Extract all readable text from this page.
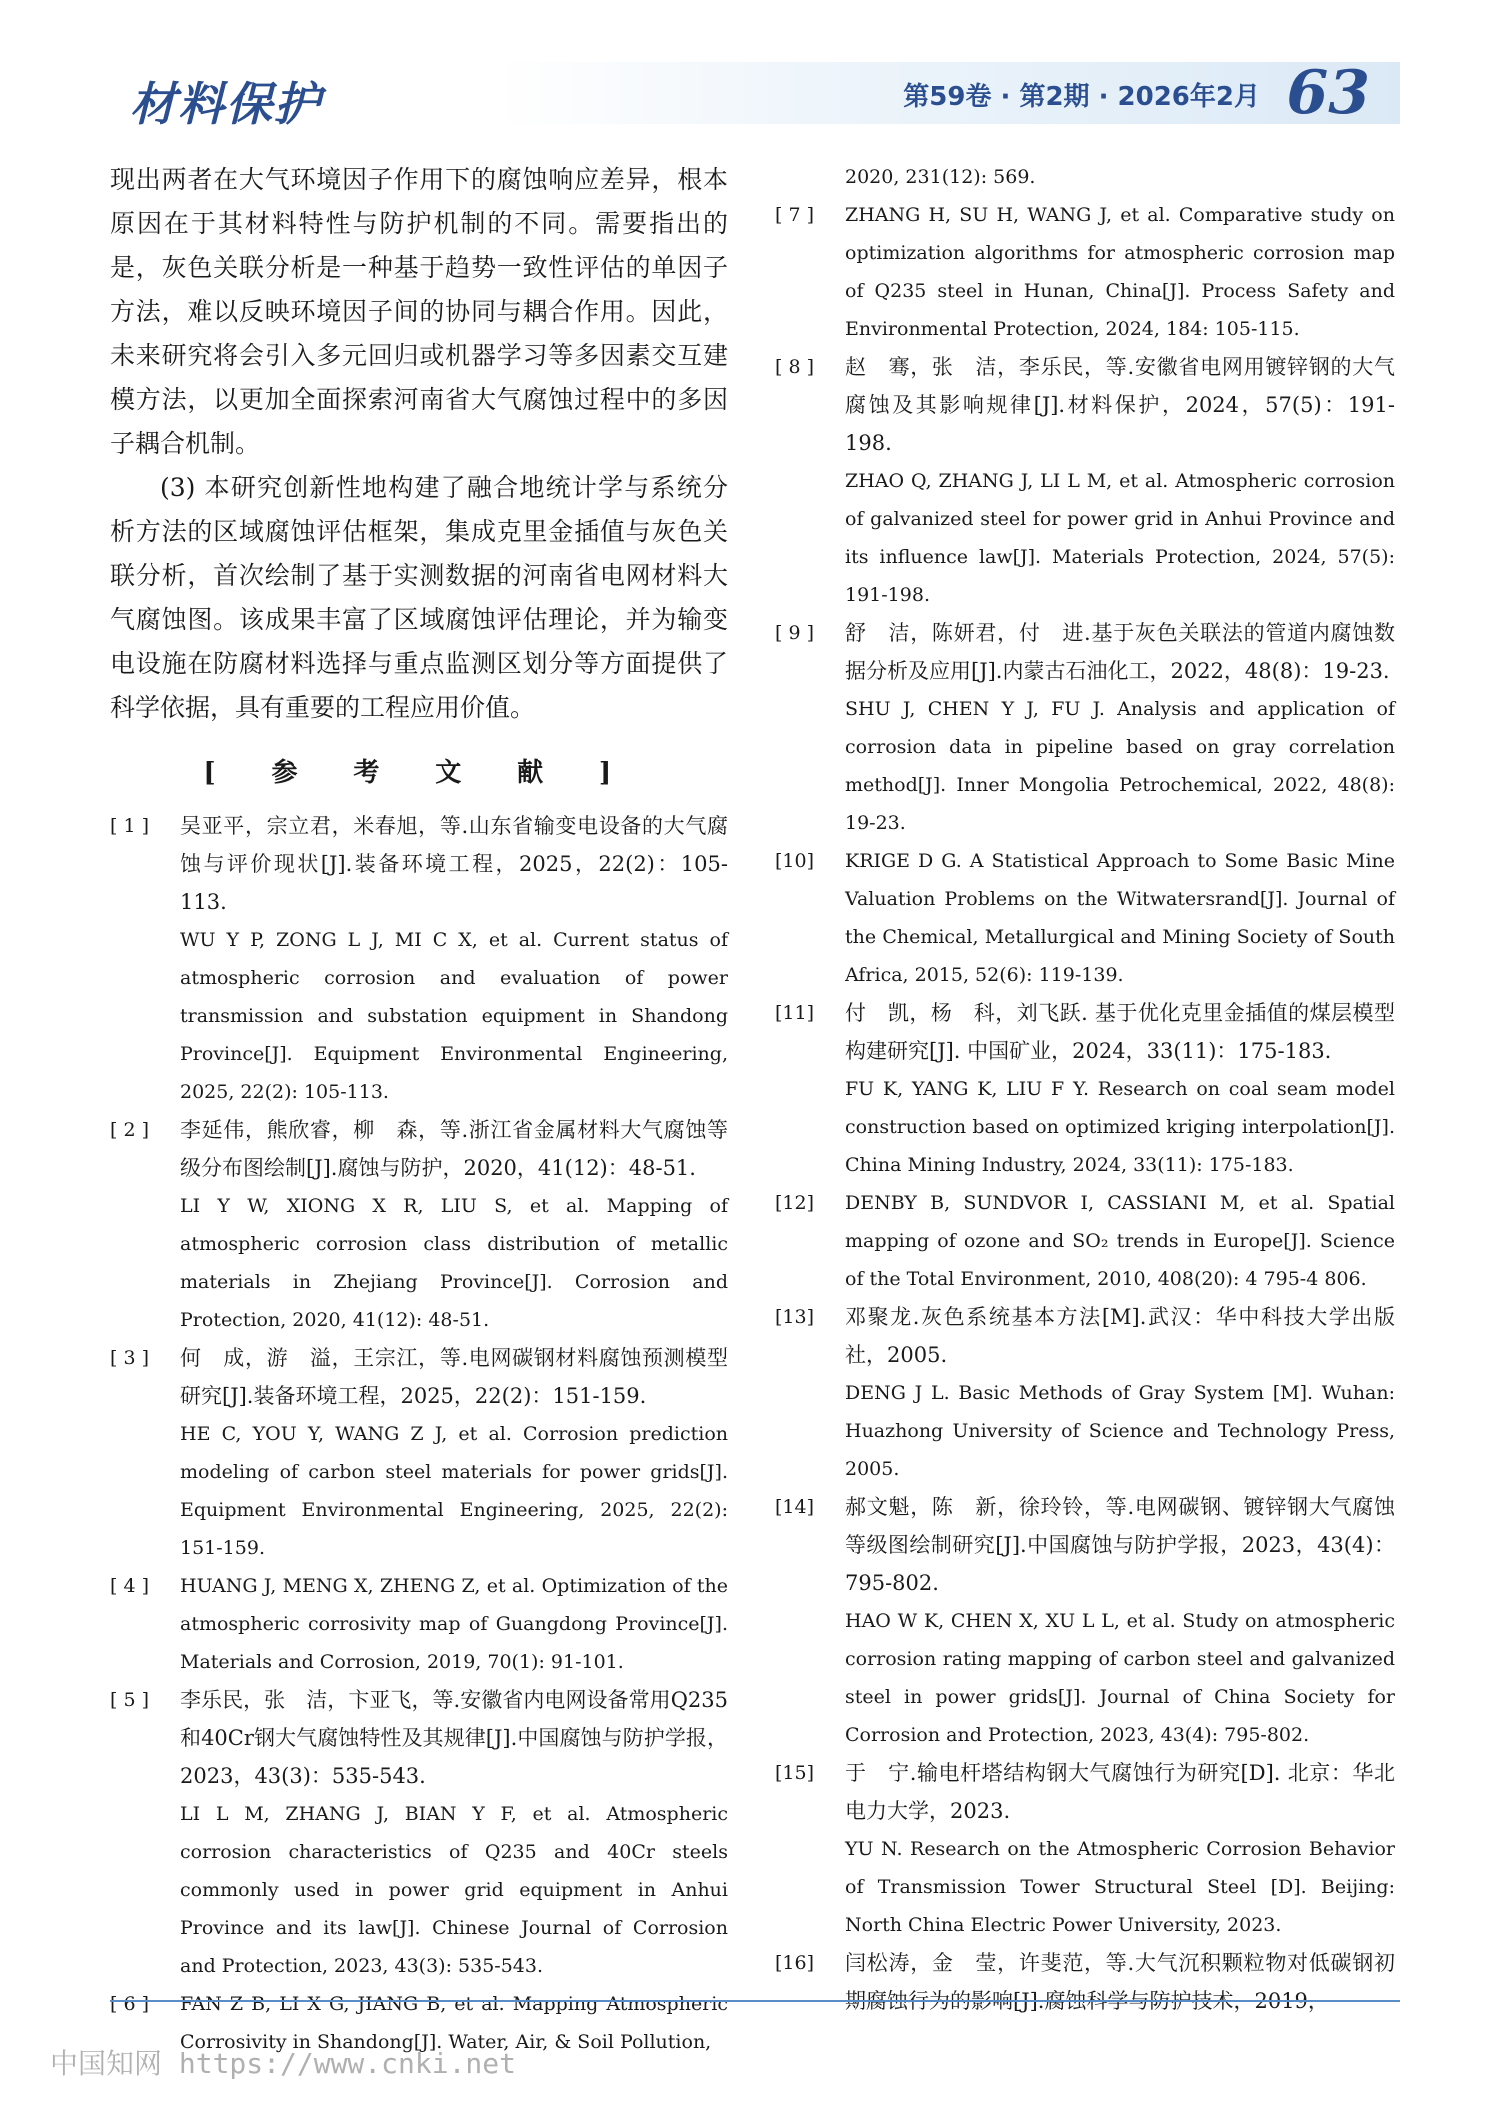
材料保护	第59卷 · 第2期 · 2026年2月 63

现出两者在大气环境因子作用下的腐蚀响应差异，根本原因在于其材料特性与防护机制的不同。需要指出的是，灰色关联分析是一种基于趋势一致性评估的单因子方法，难以反映环境因子间的协同与耦合作用。因此，未来研究将会引入多元回归或机器学习等多因素交互建模方法，以更加全面探索河南省大气腐蚀过程中的多因子耦合机制。

(3) 本研究创新性地构建了融合地统计学与系统分析方法的区域腐蚀评估框架，集成克里金插值与灰色关联分析，首次绘制了基于实测数据的河南省电网材料大气腐蚀图。该成果丰富了区域腐蚀评估理论，并为输变电设施在防腐材料选择与重点监测区划分等方面提供了科学依据，具有重要的工程应用价值。

[ 参 考 文 献 ]
[ 1 ]	吴亚平，宗立君，米春旭，等.山东省输变电设备的大气腐蚀与评价现状[J].装备环境工程，2025，22(2)：105-113.
WU Y P, ZONG L J, MI C X, et al. Current status of atmospheric corrosion and evaluation of power transmission and substation equipment in Shandong Province[J]. Equipment Environmental Engineering, 2025, 22(2): 105-113.
[ 2 ]	李延伟，熊欣睿，柳　森，等.浙江省金属材料大气腐蚀等级分布图绘制[J].腐蚀与防护，2020，41(12)：48-51.
LI Y W, XIONG X R, LIU S, et al. Mapping of atmospheric corrosion class distribution of metallic materials in Zhejiang Province[J]. Corrosion and Protection, 2020, 41(12): 48-51.
[ 3 ]	何　成，游　溢，王宗江，等.电网碳钢材料腐蚀预测模型研究[J].装备环境工程，2025，22(2)：151-159.
HE C, YOU Y, WANG Z J, et al. Corrosion prediction modeling of carbon steel materials for power grids[J]. Equipment Environmental Engineering, 2025, 22(2): 151-159.
[ 4 ]	HUANG J, MENG X, ZHENG Z, et al. Optimization of the atmospheric corrosivity map of Guangdong Province[J]. Materials and Corrosion, 2019, 70(1): 91-101.
[ 5 ]	李乐民，张　洁，卞亚飞，等.安徽省内电网设备常用Q235和40Cr钢大气腐蚀特性及其规律[J].中国腐蚀与防护学报，2023，43(3)：535-543.
LI L M, ZHANG J, BIAN Y F, et al. Atmospheric corrosion characteristics of Q235 and 40Cr steels commonly used in power grid equipment in Anhui Province and its law[J]. Chinese Journal of Corrosion and Protection, 2023, 43(3): 535-543.
[ 6 ]	FAN Z B, LI X G, JIANG B, et al. Mapping Atmospheric Corrosivity in Shandong[J]. Water, Air, & Soil Pollution,
2020, 231(12): 569.
[ 7 ]	ZHANG H, SU H, WANG J, et al. Comparative study on optimization algorithms for atmospheric corrosion map of Q235 steel in Hunan, China[J]. Process Safety and Environmental Protection, 2024, 184: 105-115.
[ 8 ]	赵　骞，张　洁，李乐民，等.安徽省电网用镀锌钢的大气腐蚀及其影响规律[J].材料保护，2024，57(5)：191-198.
ZHAO Q, ZHANG J, LI L M, et al. Atmospheric corrosion of galvanized steel for power grid in Anhui Province and its influence law[J]. Materials Protection, 2024, 57(5): 191-198.
[ 9 ]	舒　洁，陈妍君，付　进.基于灰色关联法的管道内腐蚀数据分析及应用[J].内蒙古石油化工，2022，48(8)：19-23.
SHU J, CHEN Y J, FU J. Analysis and application of corrosion data in pipeline based on gray correlation method[J]. Inner Mongolia Petrochemical, 2022, 48(8): 19-23.
[10]	KRIGE D G. A Statistical Approach to Some Basic Mine Valuation Problems on the Witwatersrand[J]. Journal of the Chemical, Metallurgical and Mining Society of South Africa, 2015, 52(6): 119-139.
[11]	付　凯，杨　科，刘飞跃. 基于优化克里金插值的煤层模型构建研究[J]. 中国矿业，2024，33(11)：175-183.
FU K, YANG K, LIU F Y. Research on coal seam model construction based on optimized kriging interpolation[J]. China Mining Industry, 2024, 33(11): 175-183.
[12]	DENBY B, SUNDVOR I, CASSIANI M, et al. Spatial mapping of ozone and SO₂ trends in Europe[J]. Science of the Total Environment, 2010, 408(20): 4 795-4 806.
[13]	邓聚龙.灰色系统基本方法[M].武汉：华中科技大学出版社，2005.
DENG J L. Basic Methods of Gray System [M]. Wuhan: Huazhong University of Science and Technology Press, 2005.
[14]	郝文魁，陈　新，徐玲铃，等.电网碳钢、镀锌钢大气腐蚀等级图绘制研究[J].中国腐蚀与防护学报，2023，43(4)：795-802.
HAO W K, CHEN X, XU L L, et al. Study on atmospheric corrosion rating mapping of carbon steel and galvanized steel in power grids[J]. Journal of China Society for Corrosion and Protection, 2023, 43(4): 795-802.
[15]	于　宁.输电杆塔结构钢大气腐蚀行为研究[D]. 北京：华北电力大学，2023.
YU N. Research on the Atmospheric Corrosion Behavior of Transmission Tower Structural Steel [D]. Beijing: North China Electric Power University, 2023.
[16]	闫松涛，金　莹，许斐范，等.大气沉积颗粒物对低碳钢初期腐蚀行为的影响[J].腐蚀科学与防护技术，2019，
中国知网 https://www.cnki.net
